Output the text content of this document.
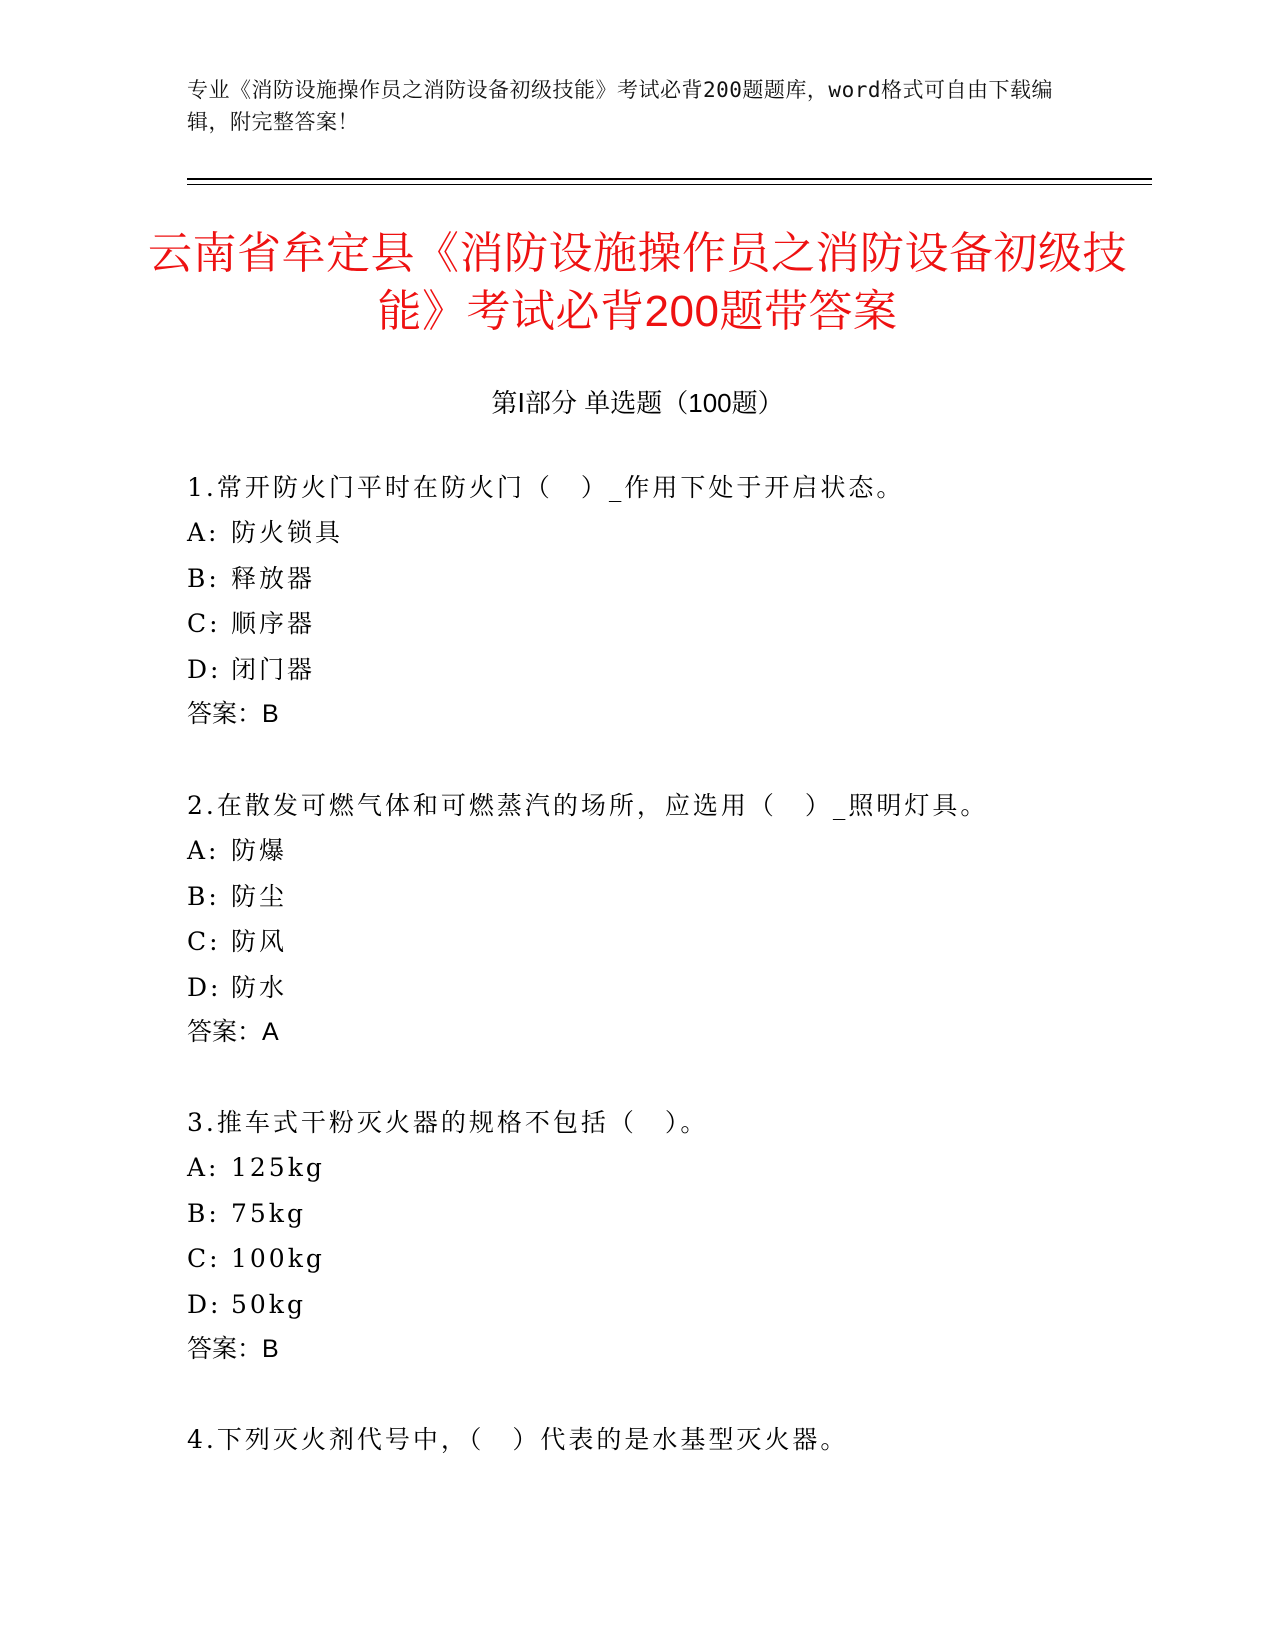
专业《消防设施操作员之消防设备初级技能》考试必背200题题库，word格式可自由下载编辑，附完整答案！
云南省牟定县《消防设施操作员之消防设备初级技能》考试必背200题带答案
第Ⅰ部分 单选题（100题）
1.常开防火门平时在防火门（　）_作用下处于开启状态。
A: 防火锁具
B: 释放器
C: 顺序器
D: 闭门器
答案：B
2.在散发可燃气体和可燃蒸汽的场所，应选用（　）_照明灯具。
A: 防爆
B: 防尘
C: 防风
D: 防水
答案：A
3.推车式干粉灭火器的规格不包括（　）。
A: 125kg
B: 75kg
C: 100kg
D: 50kg
答案：B
4.下列灭火剂代号中，（　）代表的是水基型灭火器。
